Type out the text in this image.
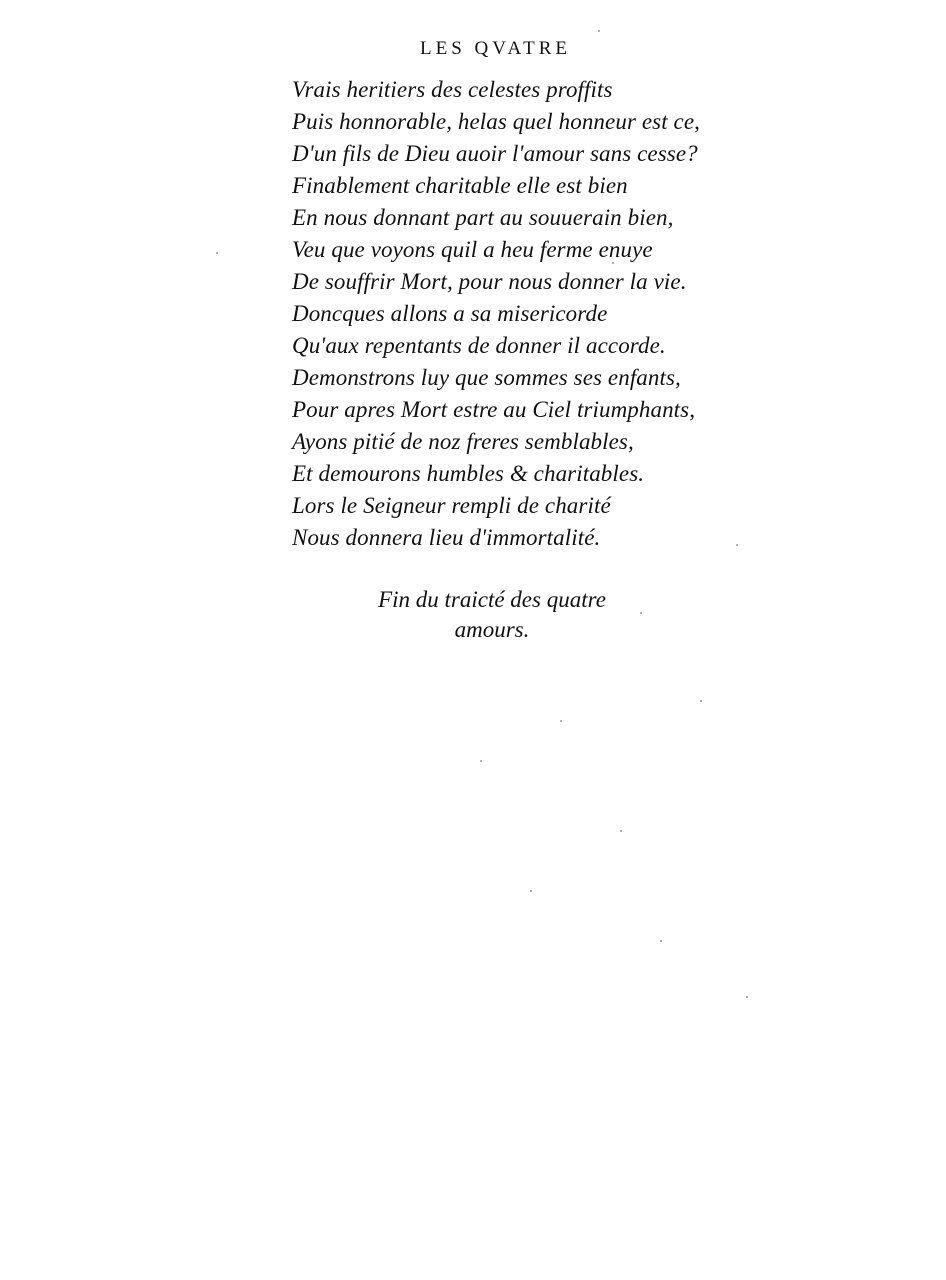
LES QVATRE
Vrais heritiers des celestes proffits
Puis honnorable, helas quel honneur est ce,
D'un fils de Dieu auoir l'amour sans cesse?
Finablement charitable elle est bien
En nous donnant part au souuerain bien,
Veu que voyons quil a heu ferme enuye
De souffrir Mort, pour nous donner la vie.
Doncques allons a sa misericorde
Qu'aux repentants de donner il accorde.
Demonstrons luy que sommes ses enfants,
Pour apres Mort estre au Ciel triumphants,
Ayons pitié de noz freres semblables,
Et demourons humbles & charitables.
Lors le Seigneur rempli de charité
Nous donnera lieu d'immortalité.
Fin du traicté des quatre
amours.
